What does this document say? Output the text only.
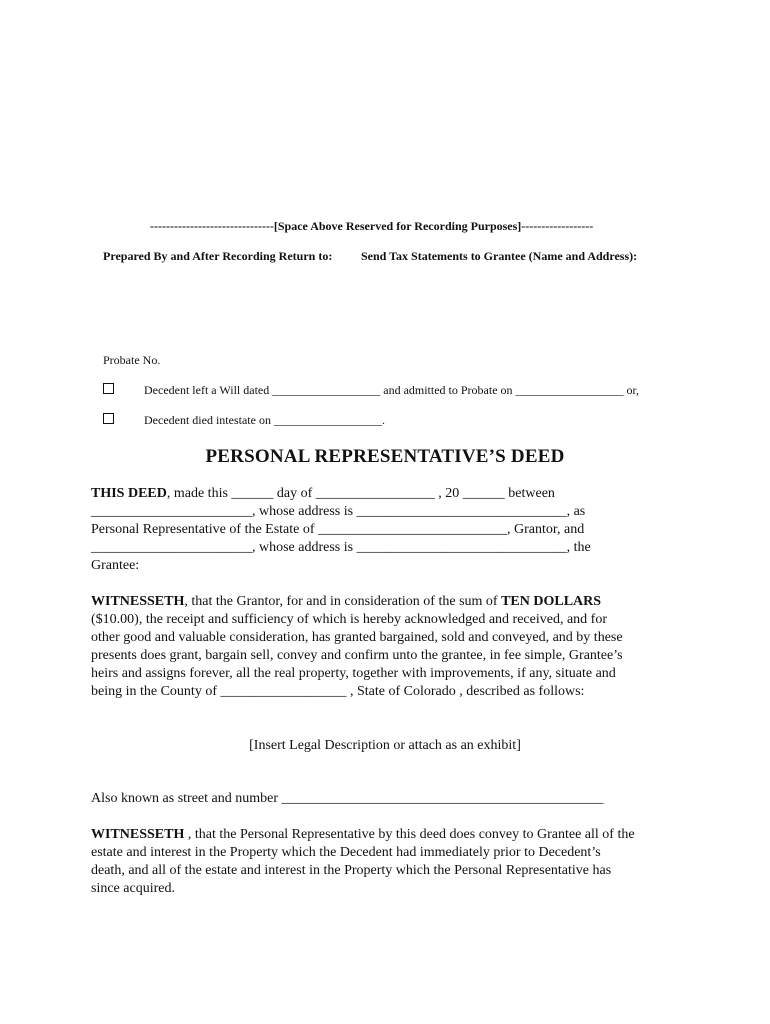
-------------------------------[Space Above Reserved for Recording Purposes]------------------
Prepared By and After Recording Return to: Send Tax Statements to Grantee (Name and Address):
Probate No.
Decedent left a Will dated __________________ and admitted to Probate on __________________ or,
Decedent died intestate on __________________.
PERSONAL REPRESENTATIVE’S DEED
THIS DEED, made this ______ day of _________________ , 20 ______ between
_______________________, whose address is ______________________________, as
Personal Representative of the Estate of ___________________________, Grantor, and
_______________________, whose address is ______________________________, the
Grantee:
WITNESSETH, that the Grantor, for and in consideration of the sum of TEN DOLLARS
($10.00), the receipt and sufficiency of which is hereby acknowledged and received, and for
other good and valuable consideration, has granted bargained, sold and conveyed, and by these
presents does grant, bargain sell, convey and confirm unto the grantee, in fee simple, Grantee’s
heirs and assigns forever, all the real property, together with improvements, if any, situate and
being in the County of __________________ , State of Colorado , described as follows:
[Insert Legal Description or attach as an exhibit]
Also known as street and number ______________________________________________
WITNESSETH , that the Personal Representative by this deed does convey to Grantee all of the
estate and interest in the Property which the Decedent had immediately prior to Decedent’s
death, and all of the estate and interest in the Property which the Personal Representative has
since acquired.
